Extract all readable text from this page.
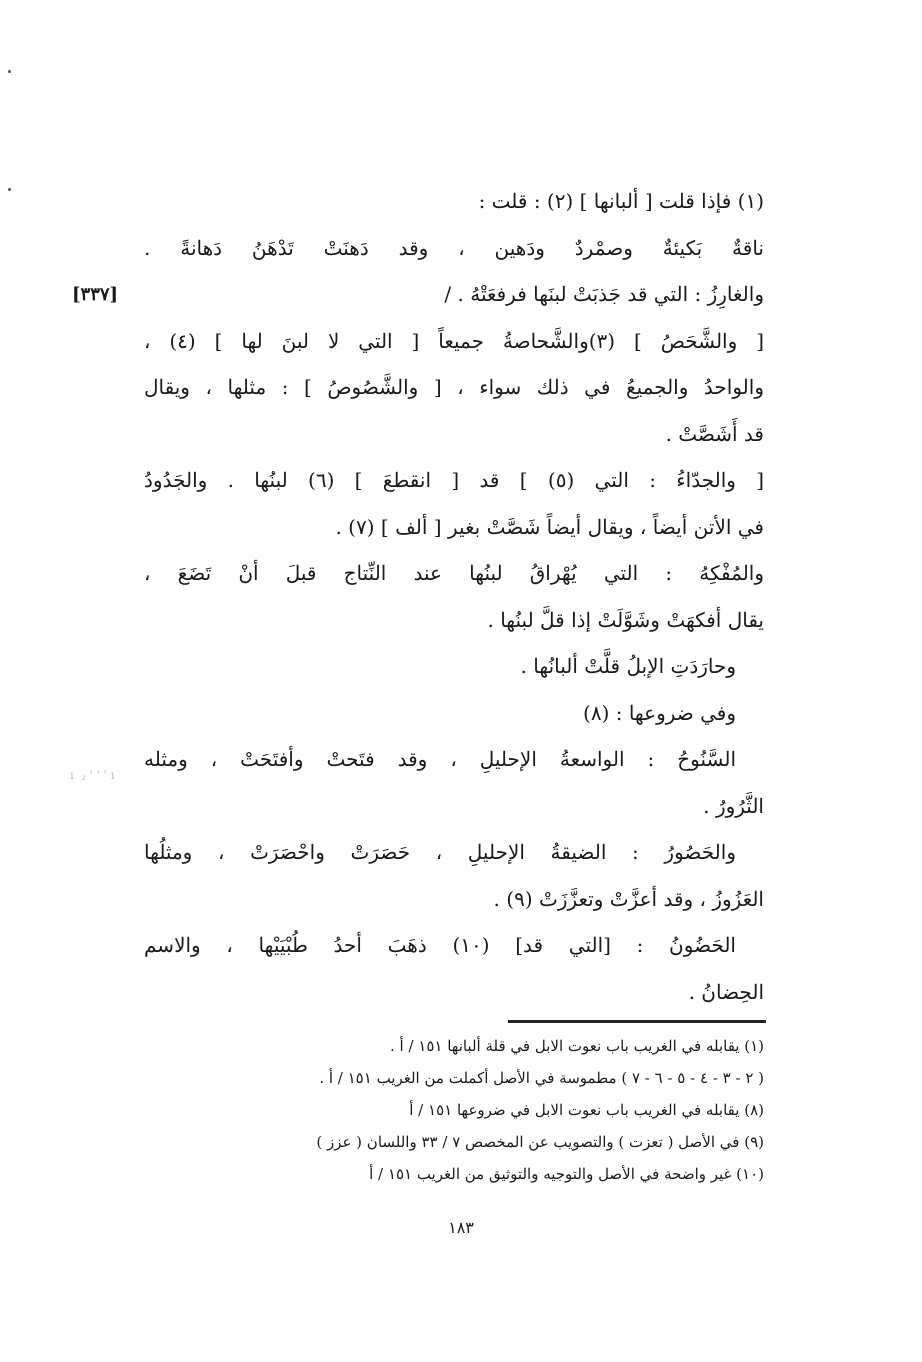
[٣٣٧]
ı ٫ ' ' ' ı
(١) فإذا قلت [ ألبانها ] (٢) : قلت :
ناقةٌ بَكيئةٌ وصمْردٌ ودَهين ، وقد دَهنَتْ تَدْهَنُ دَهانةً .
والغارِزُ : التي قد جَذبَتْ لبنَها فرفعَتْهُ . /
[ والشَّحَصُ ] (٣)والشَّحاصةُ جميعاً [ التي لا لبنَ لها ] (٤) ،
والواحدُ والجميعُ في ذلك سواء ، [ والشَّصُوصُ ] : مثلها ، ويقال
قد أَشَصَّتْ .
[ والجدّاءُ : التي (٥) ] قد [ انقطعَ ] (٦) لبنُها . والجَدُودُ
في الأتن أيضاً ، ويقال أيضاً شَصَّتْ بغير [ ألف ] (٧) .
والمُفْكِهُ : التي يُهْراقُ لبنُها عند النِّتاج قبلَ أنْ تَضَعَ ،
يقال أفكهَتْ وشَوَّلَتْ إذا قلَّ لبنُها .
وحارَدَتِ الإبلُ قلَّتْ ألبانُها .
وفي ضروعها : (٨)
السَّنُوحُ : الواسعةُ الإحليلِ ، وقد فتَحتْ وأفتَحَتْ ، ومثله
الثَّرُورُ .
والحَصُورُ : الضيقةُ الإحليلِ ، حَصَرَتْ واحْصَرَتْ ، ومثلُها
العَزُوزُ ، وقد أعزَّتْ وتعزَّزَتْ (٩) .
الحَضُونُ : [التي قد] (١٠) ذهَبَ أحدُ طُبْيَيْها ، والاسم
الحِضانُ .
(١) يقابله في الغريب باب نعوت الابل في قلة ألبانها ١٥١ / أ .
( ٢ - ٣ - ٤ - ٥ - ٦ - ٧ ) مطموسة في الأصل أكملت من الغريب ١٥١ / أ .
(٨) يقابله في الغريب باب نعوت الابل في ضروعها ١٥١ / أ
(٩) في الأصل ( تعزت ) والتصويب عن المخصص ٧ / ٣٣ واللسان ( عزز )
(١٠) غير واضحة في الأصل والتوجيه والتوثيق من الغريب ١٥١ / أ
١٨٣
